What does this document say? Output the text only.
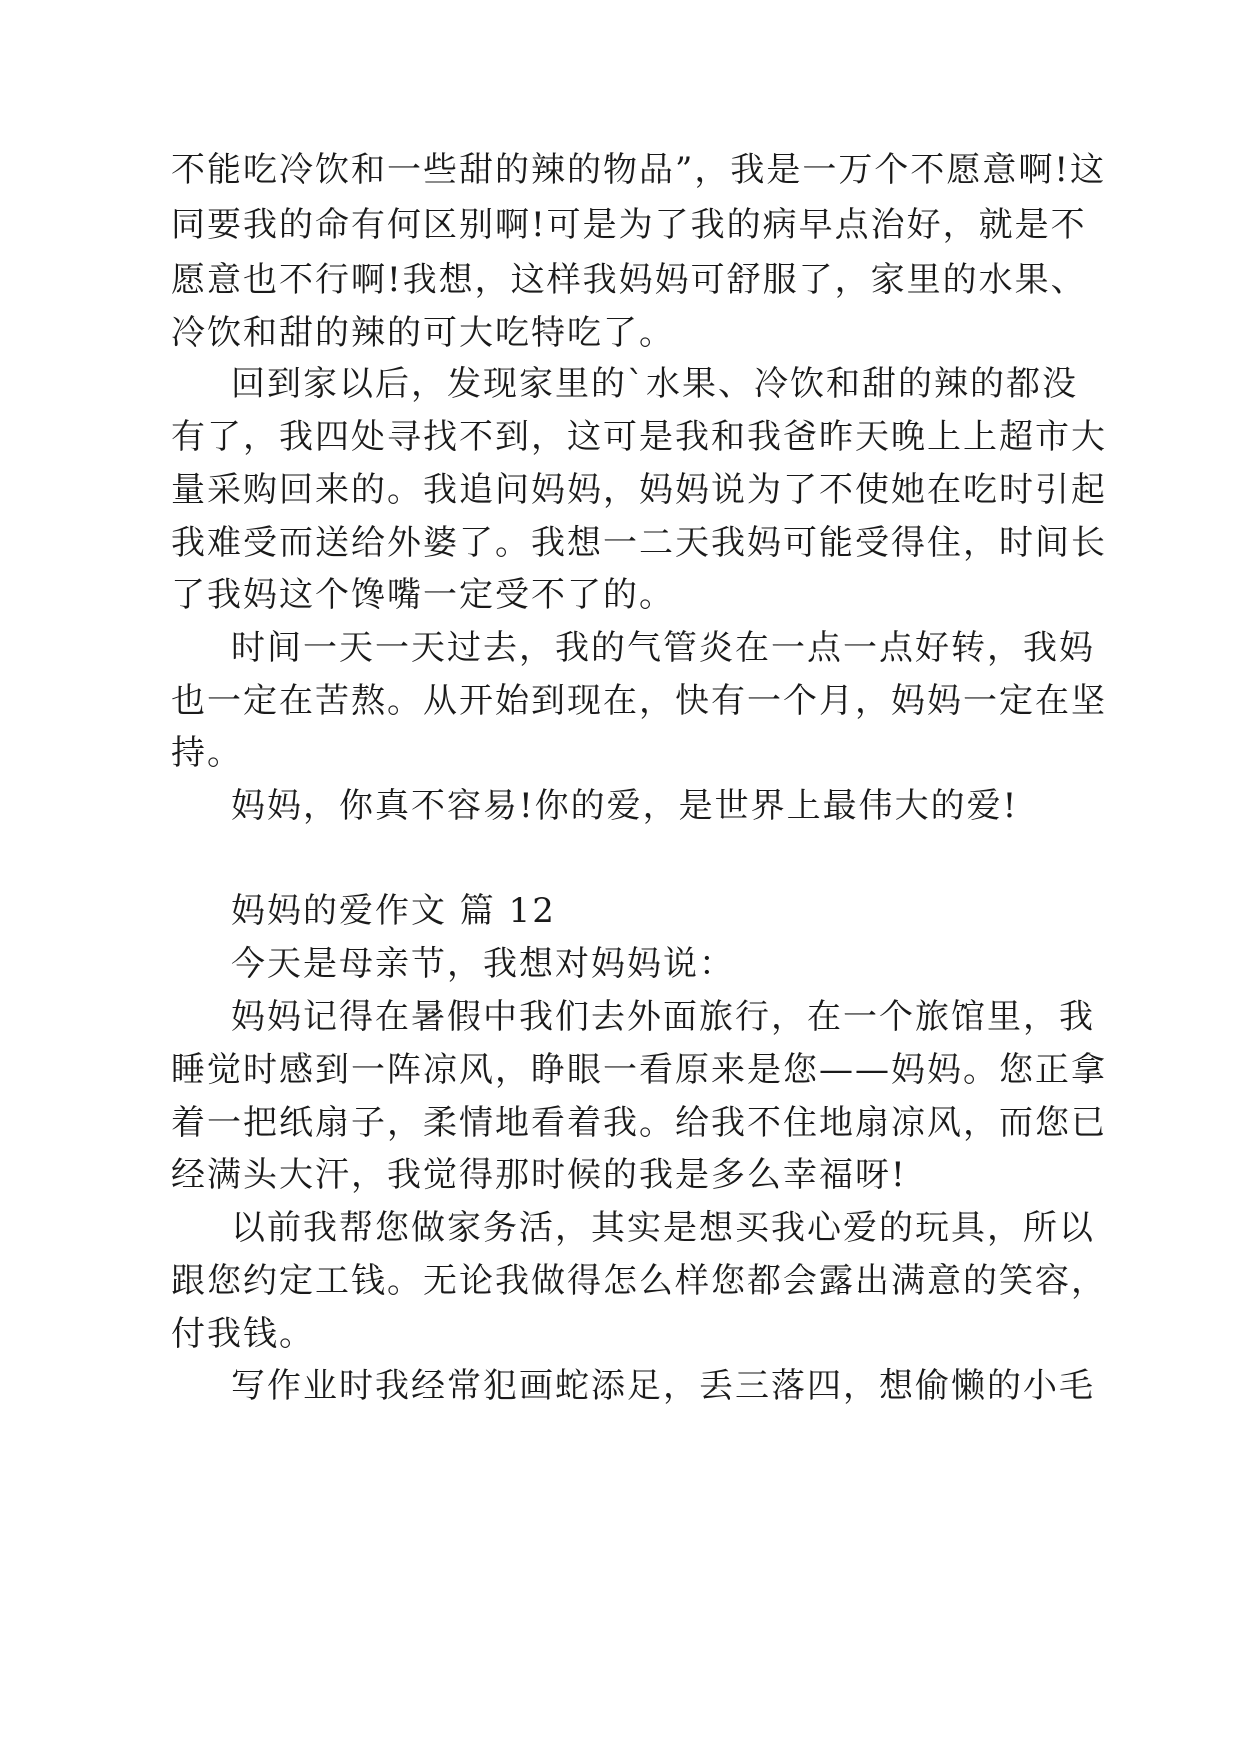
不能吃冷饮和一些甜的辣的物品”，我是一万个不愿意啊!这
同要我的命有何区别啊!可是为了我的病早点治好，就是不
愿意也不行啊!我想，这样我妈妈可舒服了，家里的水果、
冷饮和甜的辣的可大吃特吃了。
回到家以后，发现家里的`水果、冷饮和甜的辣的都没
有了，我四处寻找不到，这可是我和我爸昨天晚上上超市大
量采购回来的。我追问妈妈，妈妈说为了不使她在吃时引起
我难受而送给外婆了。我想一二天我妈可能受得住，时间长
了我妈这个馋嘴一定受不了的。
时间一天一天过去，我的气管炎在一点一点好转，我妈
也一定在苦熬。从开始到现在，快有一个月，妈妈一定在坚
持。
妈妈，你真不容易!你的爱，是世界上最伟大的爱!
妈妈的爱作文 篇 12
今天是母亲节，我想对妈妈说：
妈妈记得在暑假中我们去外面旅行，在一个旅馆里，我
睡觉时感到一阵凉风，睁眼一看原来是您——妈妈。您正拿
着一把纸扇子，柔情地看着我。给我不住地扇凉风，而您已
经满头大汗，我觉得那时候的我是多么幸福呀!
以前我帮您做家务活，其实是想买我心爱的玩具，所以
跟您约定工钱。无论我做得怎么样您都会露出满意的笑容，
付我钱。
写作业时我经常犯画蛇添足，丢三落四，想偷懒的小毛
